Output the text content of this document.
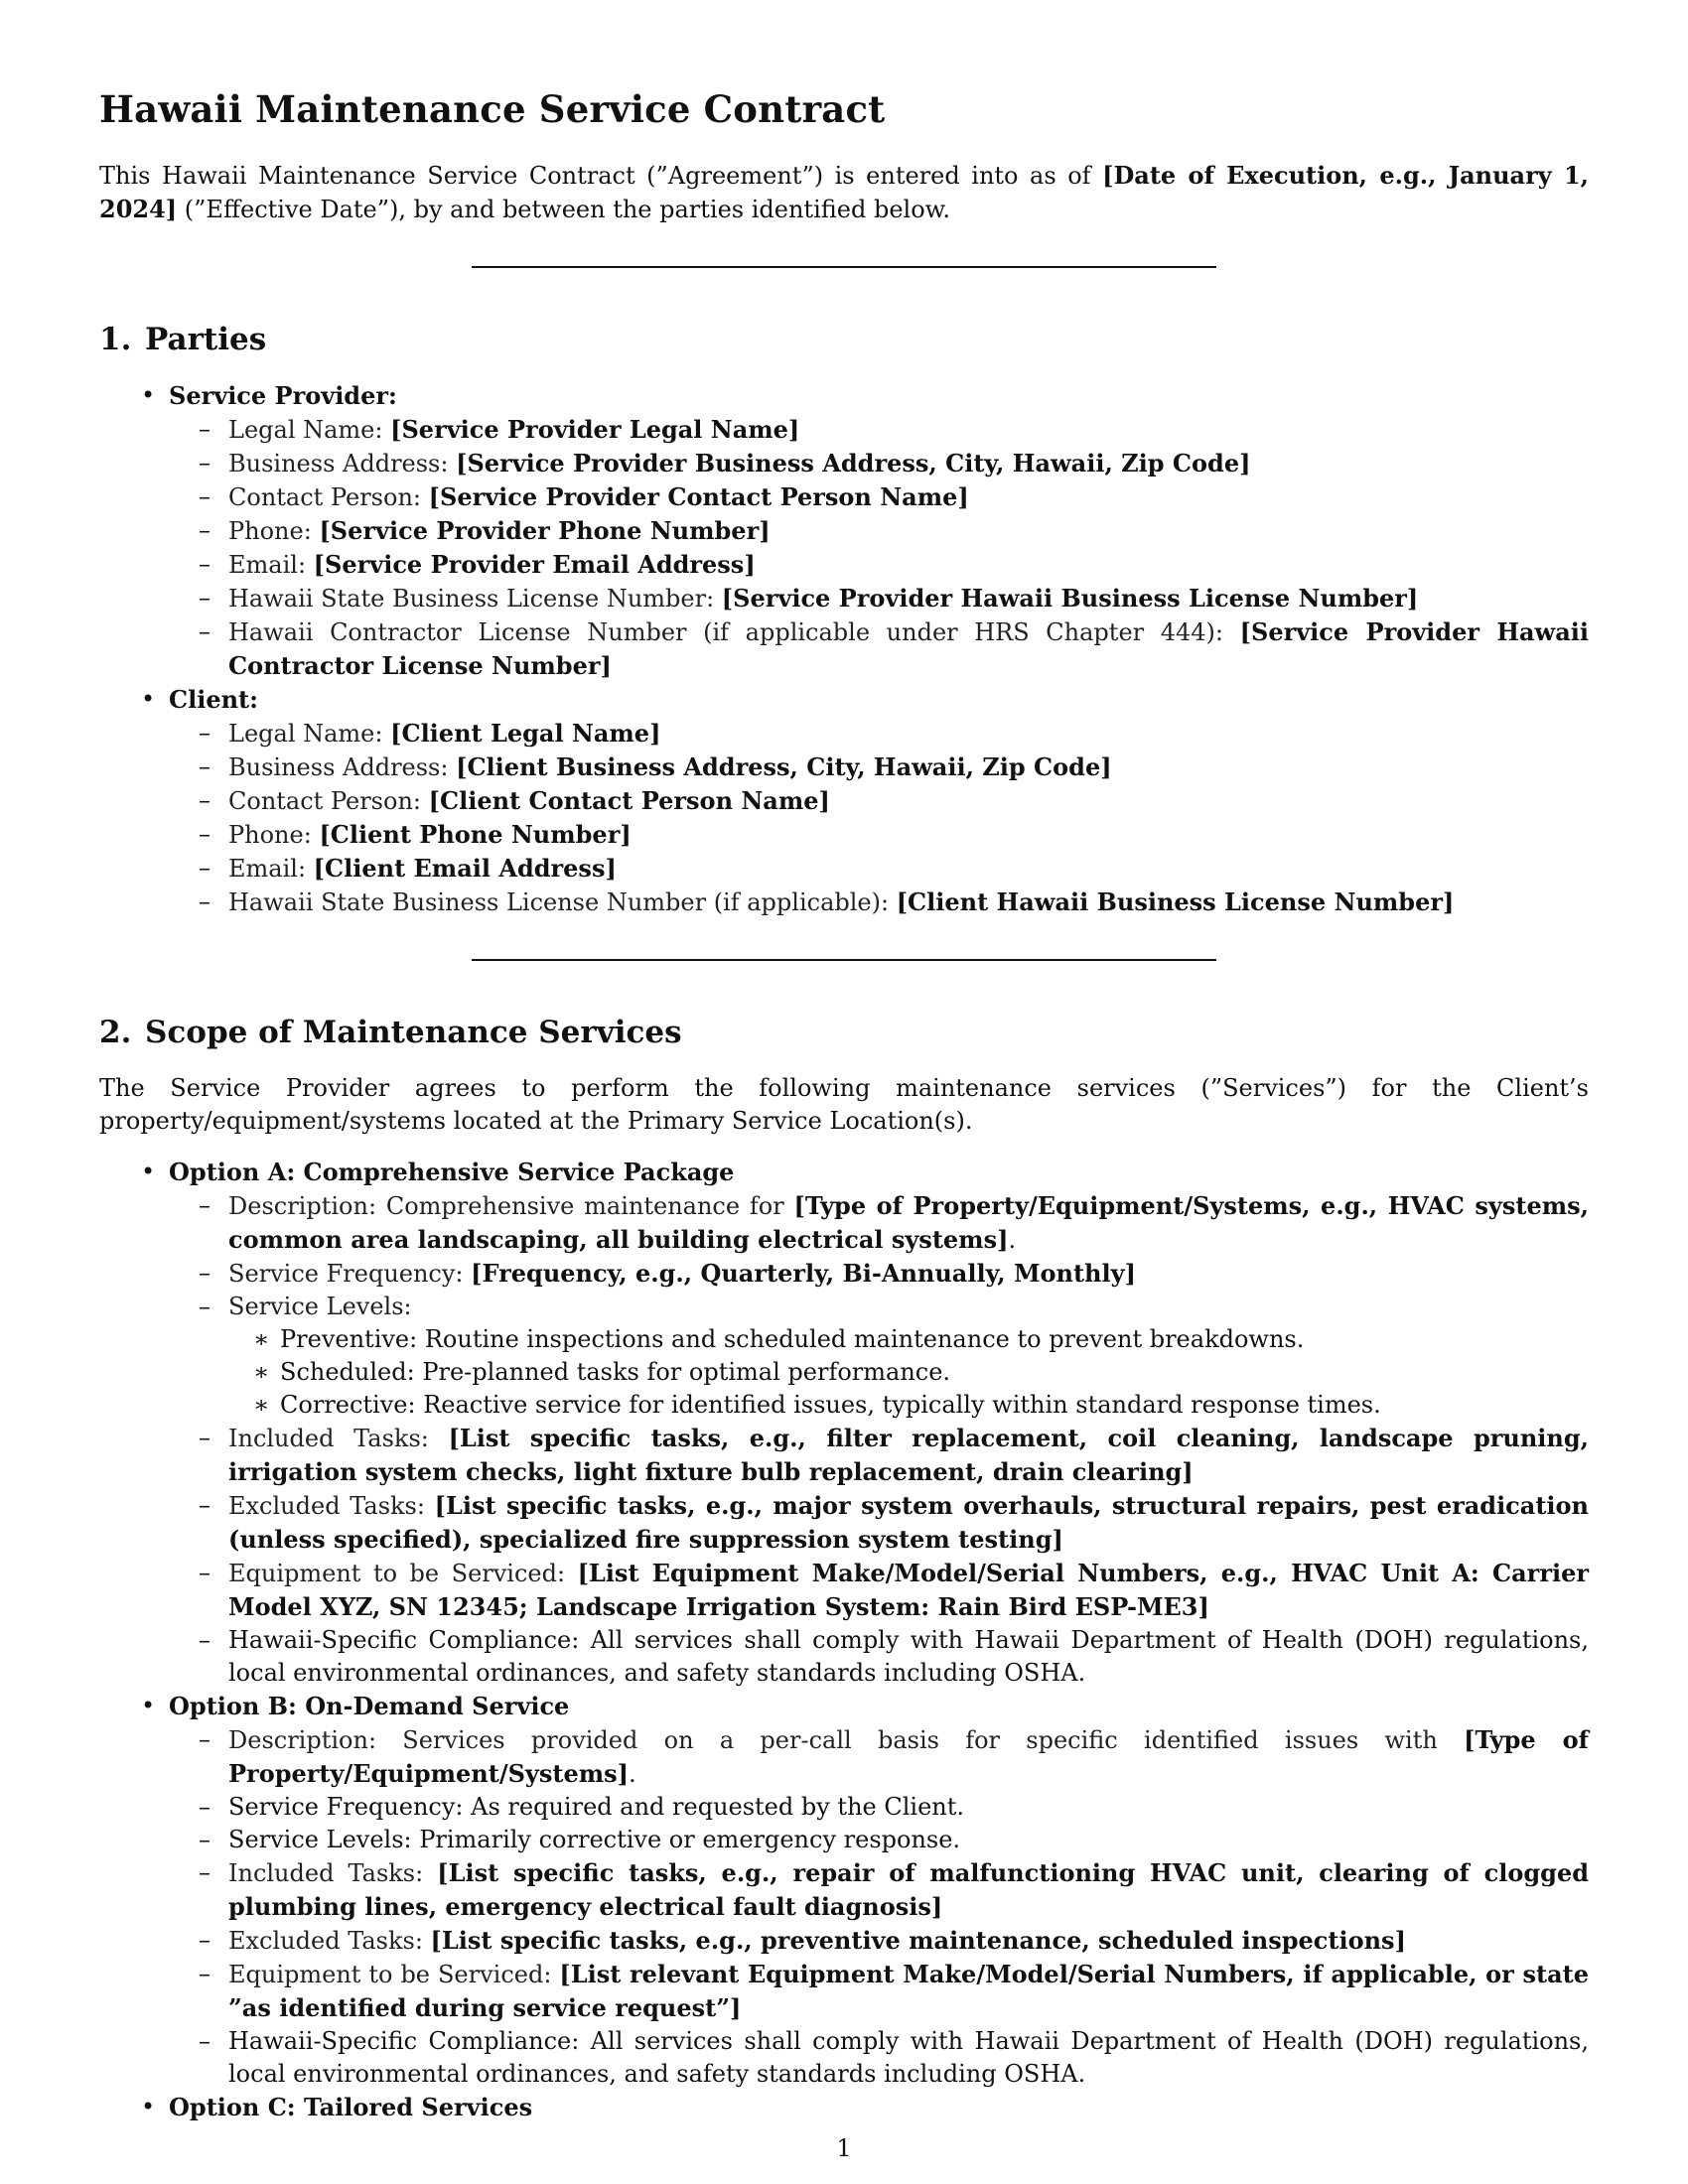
Hawaii Maintenance Service Contract

This Hawaii Maintenance Service Contract (”Agreement”) is entered into as of [Date of Execution, e.g., January 1, 2024] (”Effective Date”), by and between the parties identified below.

1. Parties
• Service Provider:
– Legal Name: [Service Provider Legal Name]
– Business Address: [Service Provider Business Address, City, Hawaii, Zip Code]
– Contact Person: [Service Provider Contact Person Name]
– Phone: [Service Provider Phone Number]
– Email: [Service Provider Email Address]
– Hawaii State Business License Number: [Service Provider Hawaii Business License Number]
– Hawaii Contractor License Number (if applicable under HRS Chapter 444): [Service Provider Hawaii Contractor License Number]
• Client:
– Legal Name: [Client Legal Name]
– Business Address: [Client Business Address, City, Hawaii, Zip Code]
– Contact Person: [Client Contact Person Name]
– Phone: [Client Phone Number]
– Email: [Client Email Address]
– Hawaii State Business License Number (if applicable): [Client Hawaii Business License Number]
2. Scope of Maintenance Services

The Service Provider agrees to perform the following maintenance services (”Services”) for the Client’s property/equipment/systems located at the Primary Service Location(s).

• Option A: Comprehensive Service Package
– Description: Comprehensive maintenance for [Type of Property/Equipment/Systems, e.g., HVAC systems, common area landscaping, all building electrical systems].
– Service Frequency: [Frequency, e.g., Quarterly, Bi-Annually, Monthly]
– Service Levels:
∗ Preventive: Routine inspections and scheduled maintenance to prevent breakdowns.
∗ Scheduled: Pre-planned tasks for optimal performance.
∗ Corrective: Reactive service for identified issues, typically within standard response times.
– Included Tasks: [List specific tasks, e.g., filter replacement, coil cleaning, landscape pruning, irrigation system checks, light fixture bulb replacement, drain clearing]
– Excluded Tasks: [List specific tasks, e.g., major system overhauls, structural repairs, pest eradication (unless specified), specialized fire suppression system testing]
– Equipment to be Serviced: [List Equipment Make/Model/Serial Numbers, e.g., HVAC Unit A: Carrier Model XYZ, SN 12345; Landscape Irrigation System: Rain Bird ESP-ME3]
– Hawaii-Specific Compliance: All services shall comply with Hawaii Department of Health (DOH) regulations, local environmental ordinances, and safety standards including OSHA.
• Option B: On-Demand Service
– Description: Services provided on a per-call basis for specific identified issues with [Type of Property/Equipment/Systems].
– Service Frequency: As required and requested by the Client.
– Service Levels: Primarily corrective or emergency response.
– Included Tasks: [List specific tasks, e.g., repair of malfunctioning HVAC unit, clearing of clogged plumbing lines, emergency electrical fault diagnosis]
– Excluded Tasks: [List specific tasks, e.g., preventive maintenance, scheduled inspections]
– Equipment to be Serviced: [List relevant Equipment Make/Model/Serial Numbers, if applicable, or state ”as identified during service request”]
– Hawaii-Specific Compliance: All services shall comply with Hawaii Department of Health (DOH) regulations, local environmental ordinances, and safety standards including OSHA.
• Option C: Tailored Services
1
